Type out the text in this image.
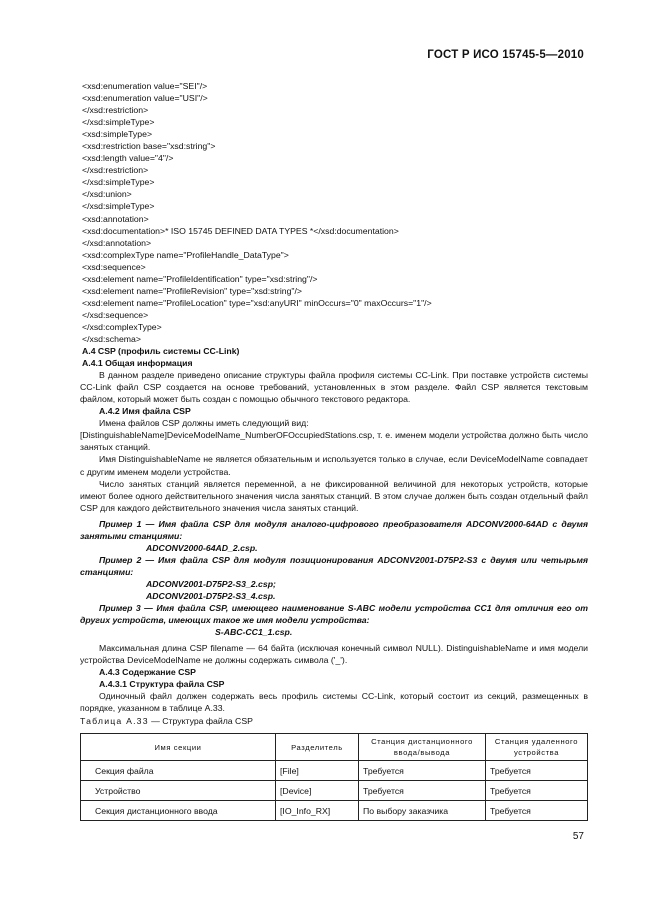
ГОСТ Р ИСО 15745-5—2010
<xsd:enumeration value="SEI"/>
<xsd:enumeration value="USI"/>
</xsd:restriction>
</xsd:simpleType>
<xsd:simpleType>
<xsd:restriction base="xsd:string">
<xsd:length value="4"/>
</xsd:restriction>
</xsd:simpleType>
</xsd:union>
</xsd:simpleType>
<xsd:annotation>
<xsd:documentation>* ISO 15745 DEFINED DATA TYPES *</xsd:documentation>
</xsd:annotation>
<xsd:complexType name="ProfileHandle_DataType">
<xsd:sequence>
<xsd:element name="ProfileIdentification" type="xsd:string"/>
<xsd:element name="ProfileRevision" type="xsd:string"/>
<xsd:element name="ProfileLocation" type="xsd:anyURI" minOccurs="0" maxOccurs="1"/>
</xsd:sequence>
</xsd:complexType>
</xsd:schema>
A.4 CSP (профиль системы CC-Link)
A.4.1 Общая информация
В данном разделе приведено описание структуры файла профиля системы CC-Link. При поставке устройств системы CC-Link файл CSP создается на основе требований, установленных в этом разделе. Файл CSP является текстовым файлом, который может быть создан с помощью обычного текстового редактора.
A.4.2 Имя файла CSP
Имена файлов CSP должны иметь следующий вид:
[DistinguishableName]DeviceModelName_NumberOFOccupiedStations.csp, т. е. именем модели устройства должно быть число занятых станций.
Имя DistinguishableName не является обязательным и используется только в случае, если DeviceModelName совпадает с другим именем модели устройства.
Число занятых станций является переменной, а не фиксированной величиной для некоторых устройств, которые имеют более одного действительного значения числа занятых станций. В этом случае должен быть создан отдельный файл CSP для каждого действительного значения числа занятых станций.
Пример 1 — Имя файла CSP для модуля аналого-цифрового преобразователя ADCONV2000-64AD с двумя занятыми станциями:
ADCONV2000-64AD_2.csp.
Пример 2 — Имя файла CSP для модуля позиционирования ADCONV2001-D75P2-S3 с двумя или четырьмя станциями:
ADCONV2001-D75P2-S3_2.csp;
ADCONV2001-D75P2-S3_4.csp.
Пример 3 — Имя файла CSP, имеющего наименование S-ABC модели устройства CC1 для отличия его от других устройств, имеющих такое же имя модели устройства:
S-ABC-CC1_1.csp.
Максимальная длина CSP filename — 64 байта (исключая конечный символ NULL). DistinguishableName и имя модели устройства DeviceModelName не должны содержать символа ('_').
A.4.3 Содержание CSP
A.4.3.1 Структура файла CSP
Одиночный файл должен содержать весь профиль системы CC-Link, который состоит из секций, размещенных в порядке, указанном в таблице А.33.
Таблица А.33 — Структура файла CSP
Имя секции	Разделитель	Станция дистанционного ввода/вывода	Станция удаленного устройства
Секция файла	[File]	Требуется	Требуется
Устройство	[Device]	Требуется	Требуется
Секция дистанционного ввода	[IO_Info_RX]	По выбору заказчика	Требуется
57
